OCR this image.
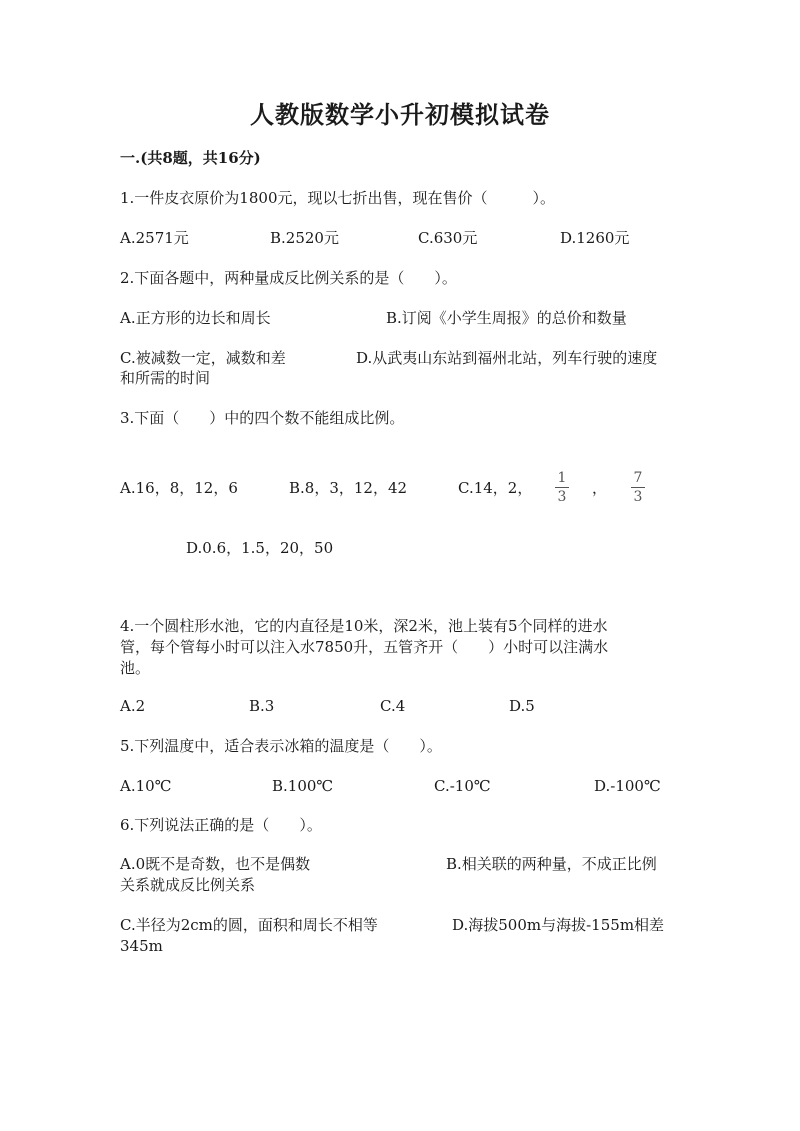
人教版数学小升初模拟试卷
一.(共8题，共16分)
1.一件皮衣原价为1800元，现以七折出售，现在售价（　　　）。
A.2571元	B.2520元	C.630元	D.1260元
2.下面各题中，两种量成反比例关系的是（　　）。
A.正方形的边长和周长	B.订阅《小学生周报》的总价和数量
C.被减数一定，减数和差	D.从武夷山东站到福州北站，列车行驶的速度
和所需的时间
3.下面（　　）中的四个数不能组成比例。
A.16，8，12，6	B.8，3，12，42	C.14，2，
1
3	，
7
3
D.0.6，1.5，20，50
4.一个圆柱形水池，它的内直径是10米，深2米，池上装有5个同样的进水
管，每个管每小时可以注入水7850升，五管齐开（　　）小时可以注满水
池。
A.2	B.3	C.4	D.5
5.下列温度中，适合表示冰箱的温度是（　　）。
A.10℃	B.100℃	C.-10℃	D.-100℃
6.下列说法正确的是（　　）。
A.0既不是奇数，也不是偶数	B.相关联的两种量，不成正比例
关系就成反比例关系
C.半径为2cm的圆，面积和周长不相等	D.海拔500m与海拔-155m相差
345m
